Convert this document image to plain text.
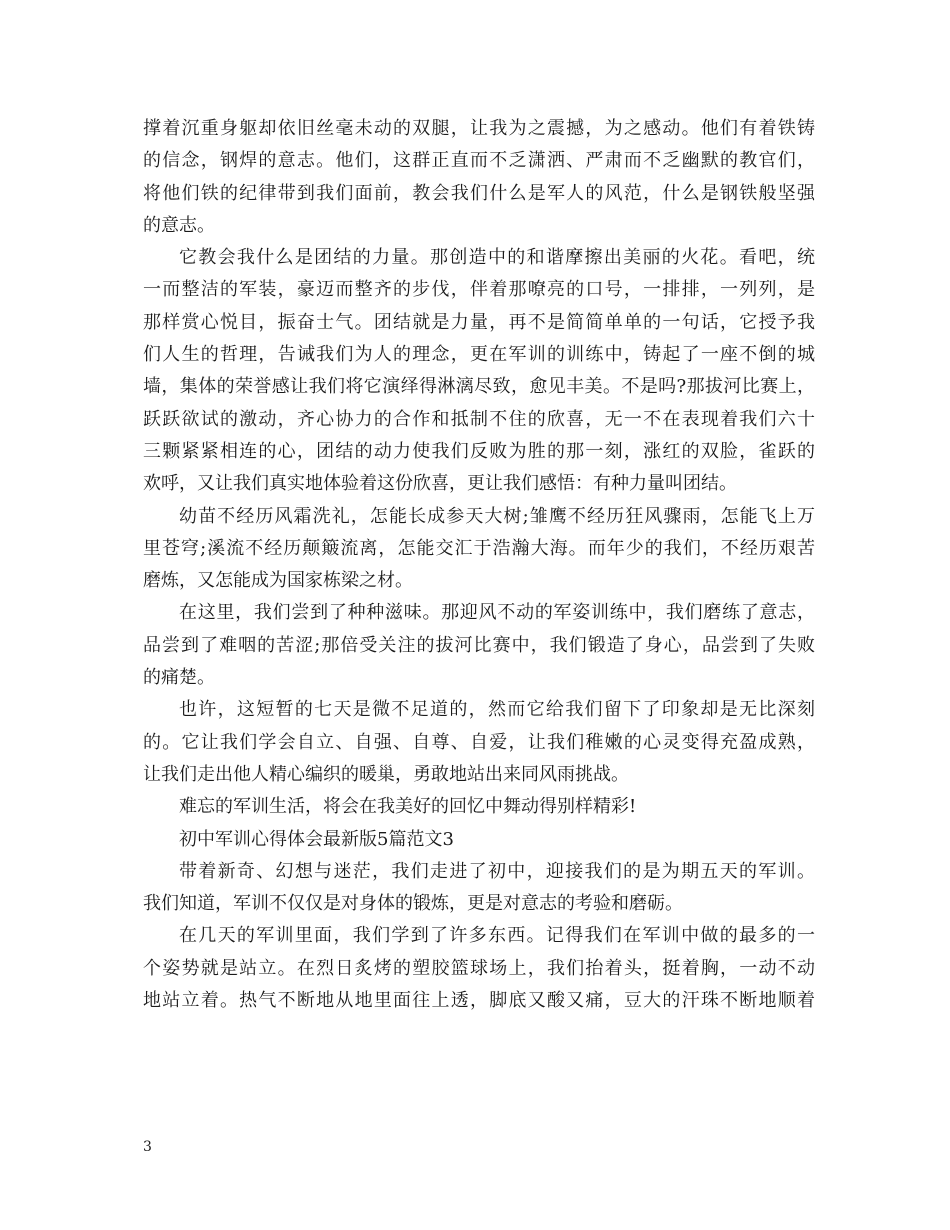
撑着沉重身躯却依旧丝毫未动的双腿，让我为之震撼，为之感动。他们有着铁铸
的信念，钢焊的意志。他们，这群正直而不乏潇洒、严肃而不乏幽默的教官们，
将他们铁的纪律带到我们面前，教会我们什么是军人的风范，什么是钢铁般坚强
的意志。
它教会我什么是团结的力量。那创造中的和谐摩擦出美丽的火花。看吧，统
一而整洁的军装，豪迈而整齐的步伐，伴着那嘹亮的口号，一排排，一列列，是
那样赏心悦目，振奋士气。团结就是力量，再不是简简单单的一句话，它授予我
们人生的哲理，告诫我们为人的理念，更在军训的训练中，铸起了一座不倒的城
墙，集体的荣誉感让我们将它演绎得淋漓尽致，愈见丰美。不是吗?那拔河比赛上，
跃跃欲试的激动，齐心协力的合作和抵制不住的欣喜，无一不在表现着我们六十
三颗紧紧相连的心，团结的动力使我们反败为胜的那一刻，涨红的双脸，雀跃的
欢呼，又让我们真实地体验着这份欣喜，更让我们感悟：有种力量叫团结。
幼苗不经历风霜洗礼，怎能长成参天大树;雏鹰不经历狂风骤雨，怎能飞上万
里苍穹;溪流不经历颠簸流离，怎能交汇于浩瀚大海。而年少的我们，不经历艰苦
磨炼，又怎能成为国家栋梁之材。
在这里，我们尝到了种种滋味。那迎风不动的军姿训练中，我们磨练了意志，
品尝到了难咽的苦涩;那倍受关注的拔河比赛中，我们锻造了身心，品尝到了失败
的痛楚。
也许，这短暂的七天是微不足道的，然而它给我们留下了印象却是无比深刻
的。它让我们学会自立、自强、自尊、自爱，让我们稚嫩的心灵变得充盈成熟，
让我们走出他人精心编织的暖巢，勇敢地站出来同风雨挑战。
难忘的军训生活，将会在我美好的回忆中舞动得别样精彩!
初中军训心得体会最新版5篇范文3
带着新奇、幻想与迷茫，我们走进了初中，迎接我们的是为期五天的军训。
我们知道，军训不仅仅是对身体的锻炼，更是对意志的考验和磨砺。
在几天的军训里面，我们学到了许多东西。记得我们在军训中做的最多的一
个姿势就是站立。在烈日炙烤的塑胶篮球场上，我们抬着头，挺着胸，一动不动
地站立着。热气不断地从地里面往上透，脚底又酸又痛，豆大的汗珠不断地顺着
3
